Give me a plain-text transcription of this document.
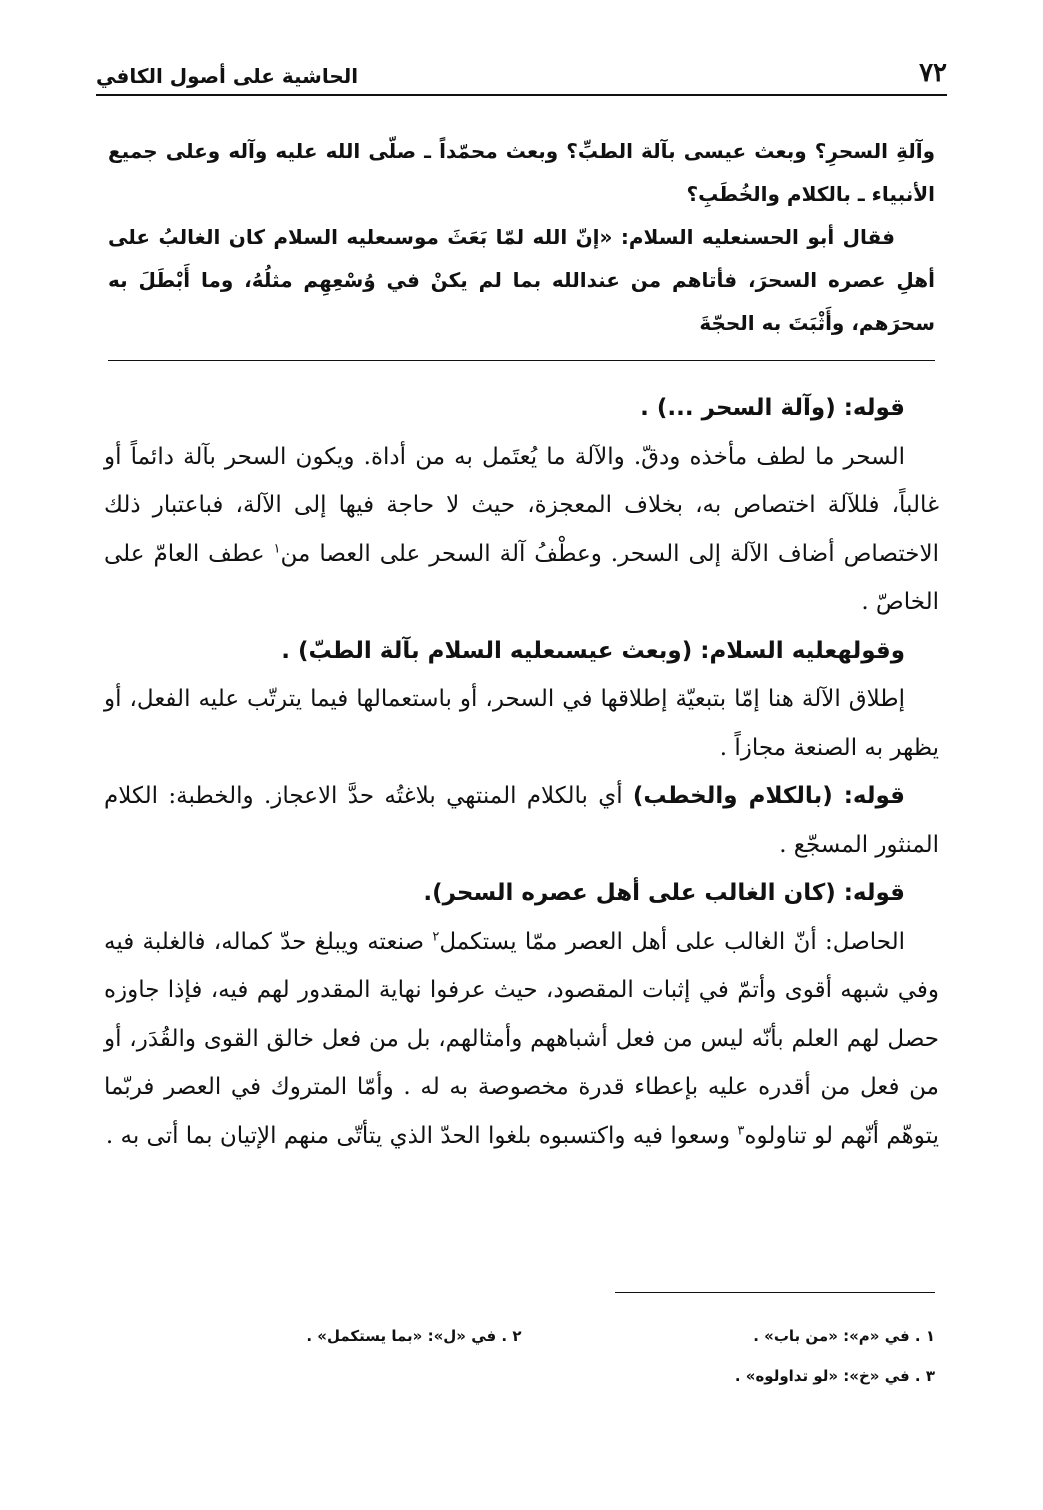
٧٢
الحاشية على أصول الكافي

وآلةِ السحرِ؟ وبعث عيسى بآلة الطبِّ؟ وبعث محمّداً ـ صلّى الله عليه وآله وعلى جميع الأنبياء ـ بالكلام والخُطَبِ؟

فقال أبو الحسنعليه السلام: «إنّ الله لمّا بَعَثَ موسىعليه السلام كان الغالبُ على أهلِ عصره السحرَ، فأتاهم من عندالله بما لم يكنْ في وُسْعِهِم مثلُهُ، وما أَبْطَلَ به سحرَهم، وأَثْبَتَ به الحجّةَ

قوله: (وآلة السحر ...) .

السحر ما لطف مأخذه ودقّ. والآلة ما يُعتَمل به من أداة. ويكون السحر بآلة دائماً أو غالباً، فللآلة اختصاص به، بخلاف المعجزة، حيث لا حاجة فيها إلى الآلة، فباعتبار ذلك الاختصاص أضاف الآلة إلى السحر. وعطْفُ آلة السحر على العصا من$^١$ عطف العامّ على الخاصّ .

وقولهعليه السلام: (وبعث عيسىعليه السلام بآلة الطبّ) .

إطلاق الآلة هنا إمّا بتبعيّة إطلاقها في السحر، أو باستعمالها فيما يترتّب عليه الفعل، أو يظهر به الصنعة مجازاً .

قوله: (بالكلام والخطب) أي بالكلام المنتهي بلاغتُه حدَّ الاعجاز. والخطبة: الكلام المنثور المسجّع .

قوله: (كان الغالب على أهل عصره السحر).

الحاصل: أنّ الغالب على أهل العصر ممّا يستكمل$^٢$ صنعته ويبلغ حدّ كماله، فالغلبة فيه وفي شبهه أقوى وأتمّ في إثبات المقصود، حيث عرفوا نهاية المقدور لهم فيه، فإذا جاوزه حصل لهم العلم بأنّه ليس من فعل أشباههم وأمثالهم، بل من فعل خالق القوى والقُدَر، أو من فعل من أقدره عليه بإعطاء قدرة مخصوصة به له . وأمّا المتروك في العصر فربّما يتوهّم أنّهم لو تناولوه$^٣$ وسعوا فيه واكتسبوه بلغوا الحدّ الذي يتأتّى منهم الإتيان بما أتى به .

١ . في «م»: «من باب» .
٢ . في «ل»: «بما يستكمل» .
٣ . في «خ»: «لو تداولوه» .
